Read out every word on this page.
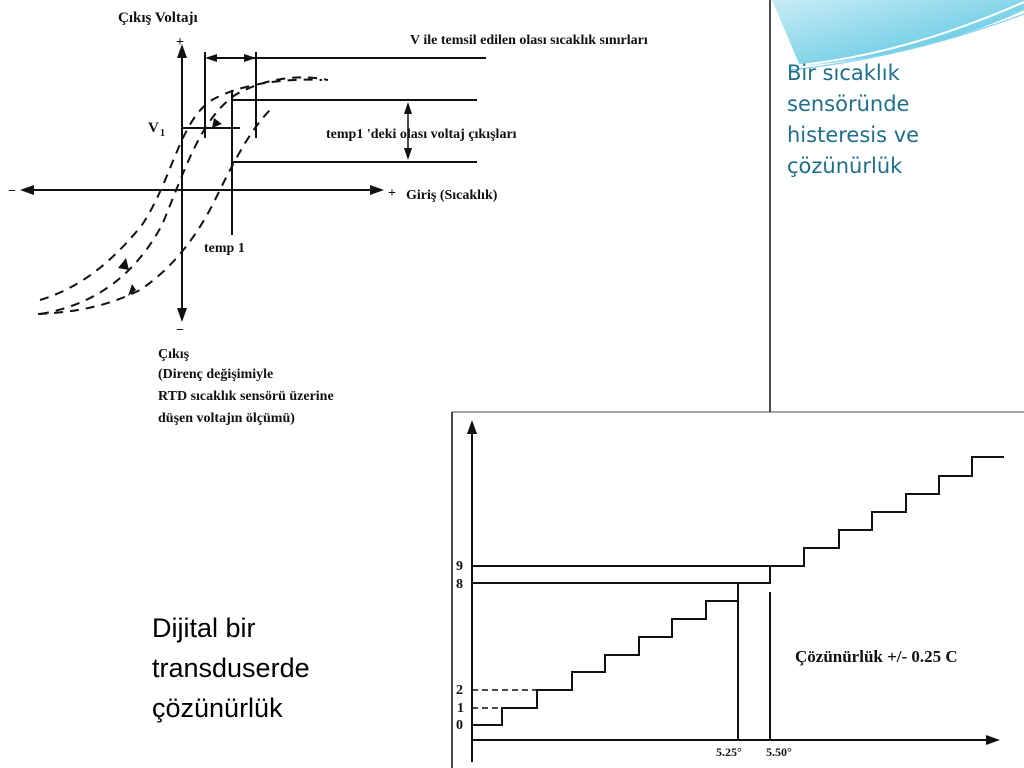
Çıkış Voltajı
+
−
−	+ Giriş (Sıcaklık)
V 1
V ile temsil edilen olası sıcaklık sınırları
temp1 'deki olası voltaj çıkışları
temp 1
Çıkış
(Direnç değişimiyle
RTD sıcaklık sensörü üzerine
düşen voltajın ölçümü)
9
8
2
1
0
5.25° 5.50°
Çözünürlük +/- 0.25 C
Bir sıcaklık
sensöründe
histeresis ve
çözünürlük
Dijital bir
transduserde
çözünürlük
